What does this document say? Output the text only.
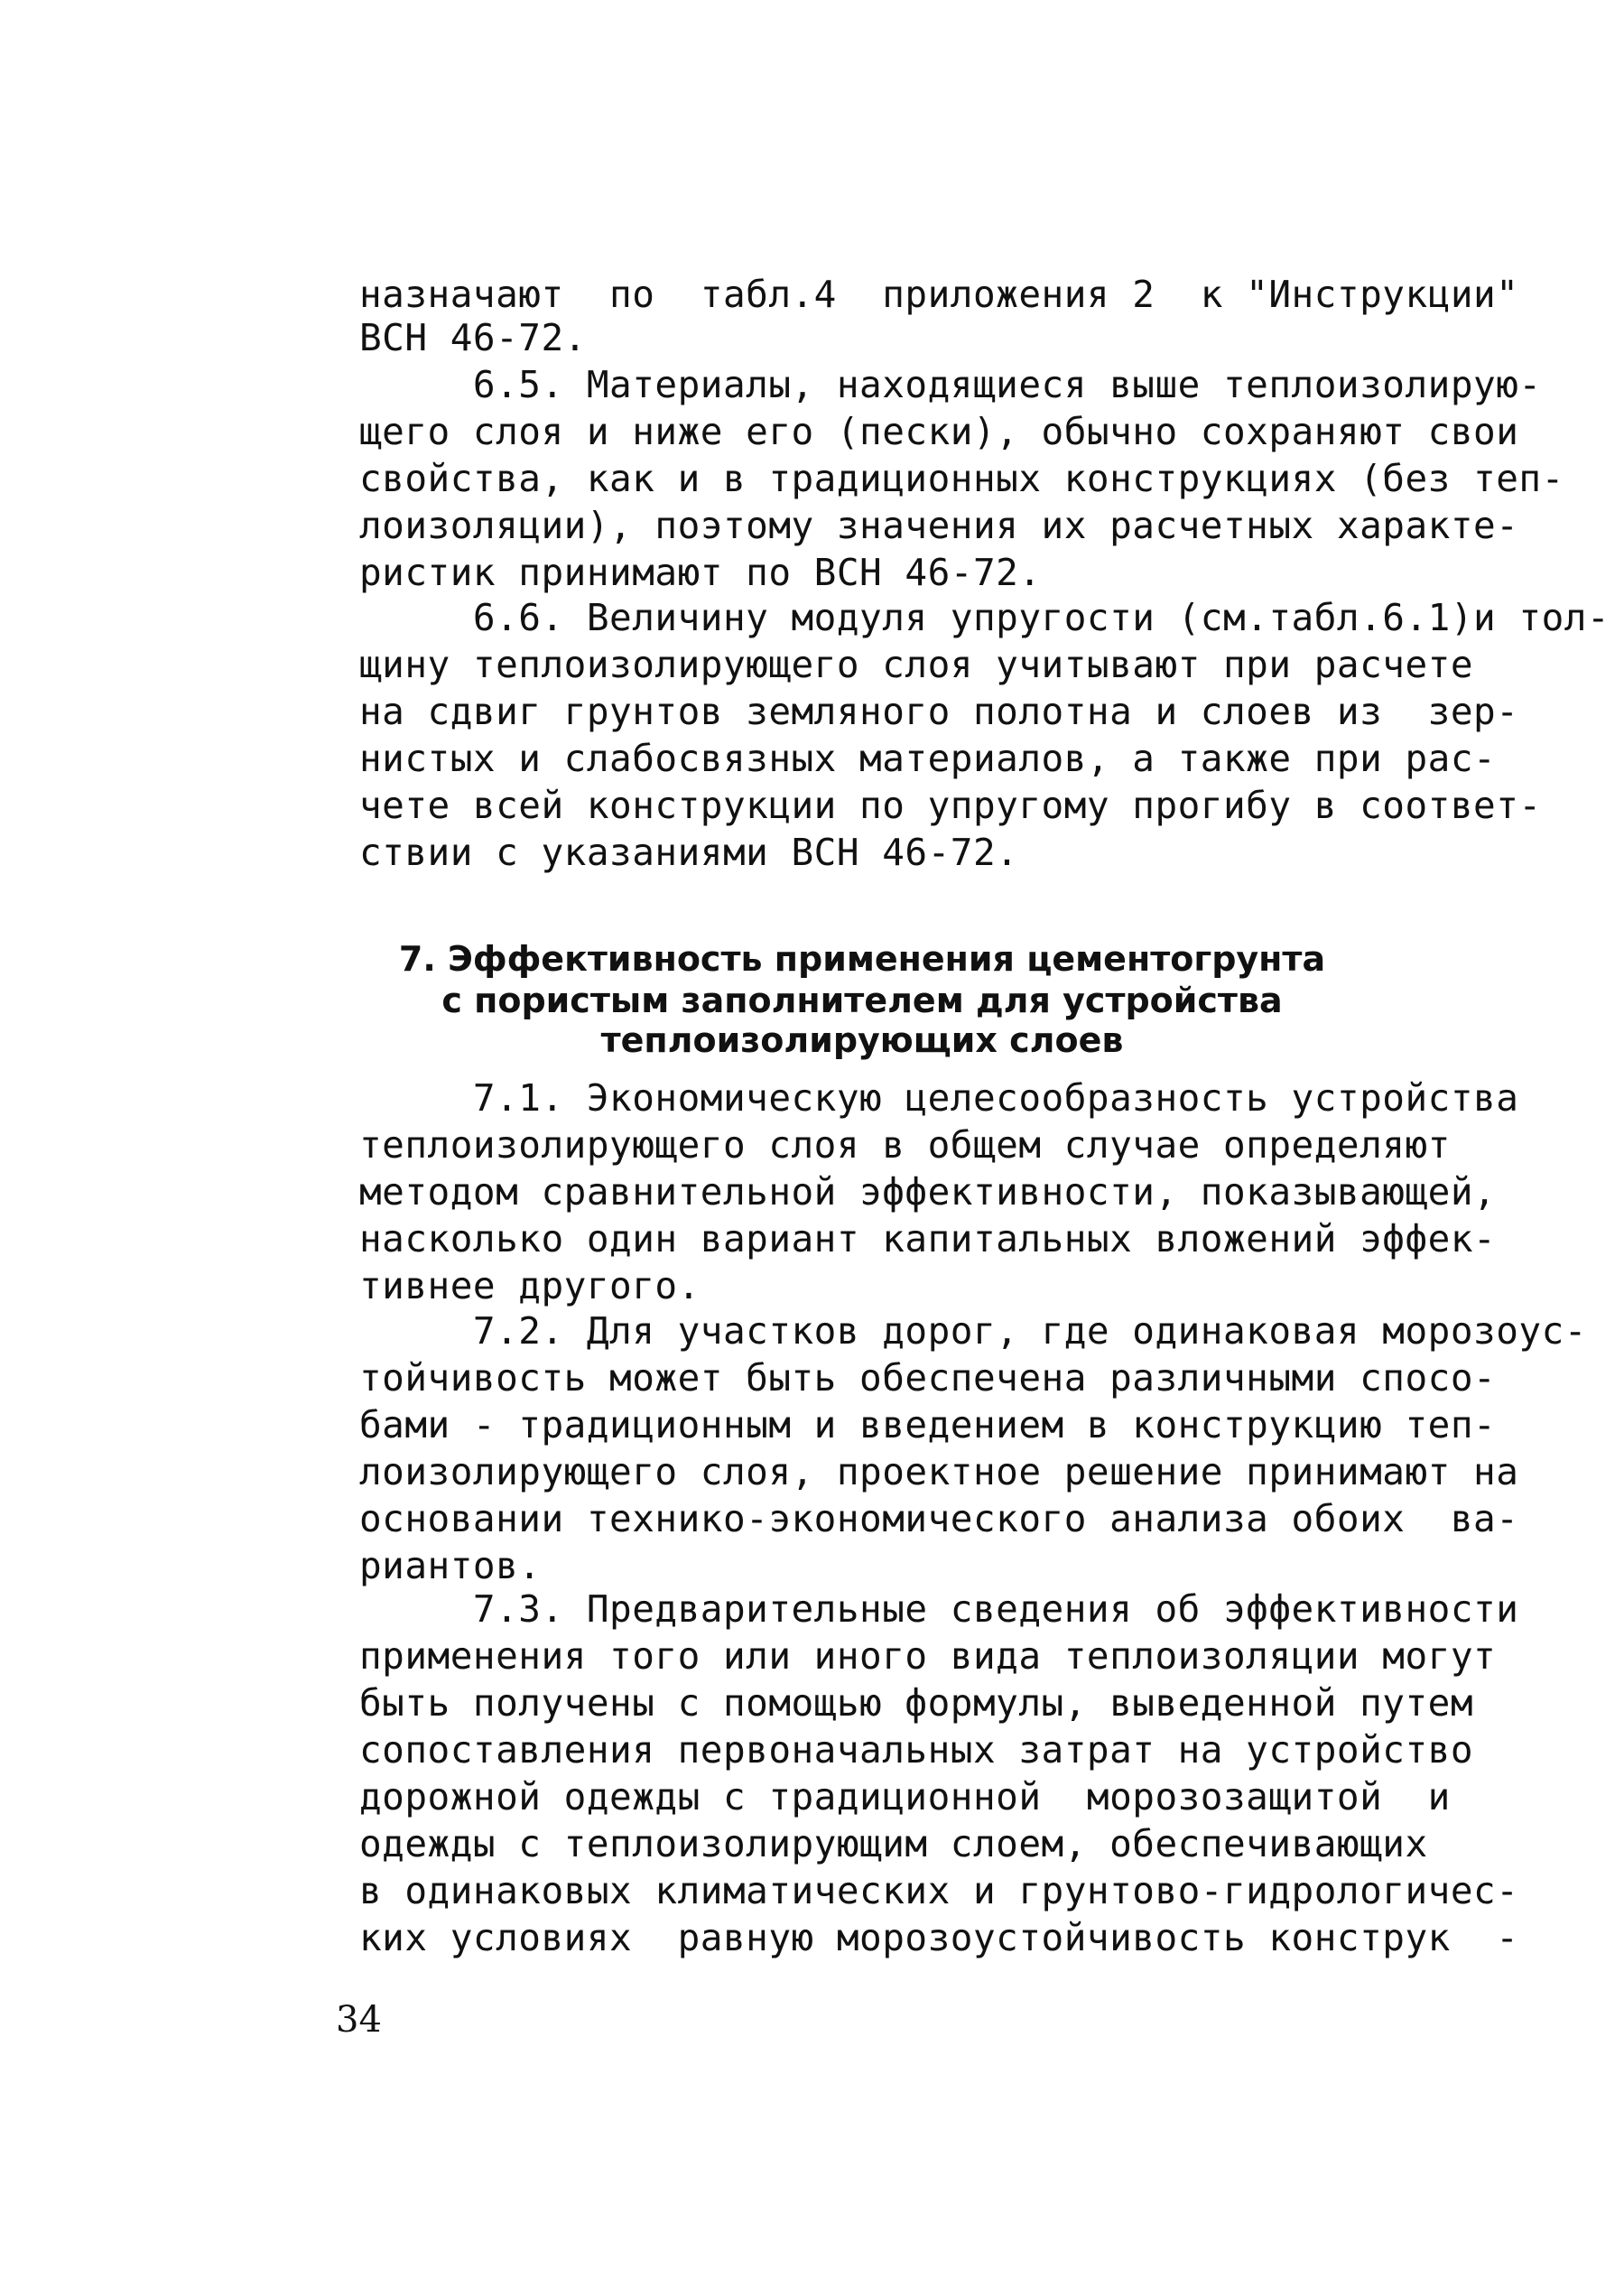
назначают  по  табл.4  приложения 2  к "Инструкции"

ВСН 46-72.

6.5. Материалы, находящиеся выше теплоизолирую-

щего слоя и ниже его (пески), обычно сохраняют свои

свойства, как и в традиционных конструкциях (без теп-

лоизоляции), поэтому значения их расчетных характе-

ристик принимают по ВСН 46-72.

6.6. Величину модуля упругости (см.табл.6.1)и тол-

щину теплоизолирующего слоя учитывают при расчете

на сдвиг грунтов земляного полотна и слоев из  зер-

нистых и слабосвязных материалов, а также при рас-

чете всей конструкции по упругому прогибу в соответ-

ствии с указаниями ВСН 46-72.

7. Эффективность применения цементогрунта

с пористым заполнителем для устройства

теплоизолирующих слоев

7.1. Экономическую целесообразность устройства

теплоизолирующего слоя в общем случае определяют

методом сравнительной эффективности, показывающей,

насколько один вариант капитальных вложений эффек-

тивнее другого.

7.2. Для участков дорог, где одинаковая морозоус-

тойчивость может быть обеспечена различными спосо-

бами - традиционным и введением в конструкцию теп-

лоизолирующего слоя, проектное решение принимают на

основании технико-экономического анализа обоих  ва-

риантов.

7.3. Предварительные сведения об эффективности

применения того или иного вида теплоизоляции могут

быть получены с помощью формулы, выведенной путем

сопоставления первоначальных затрат на устройство

дорожной одежды с традиционной  морозозащитой  и

одежды с теплоизолирующим слоем, обеспечивающих

в одинаковых климатических и грунтово-гидрологичес-

ких условиях  равную морозоустойчивость конструк  -

34
